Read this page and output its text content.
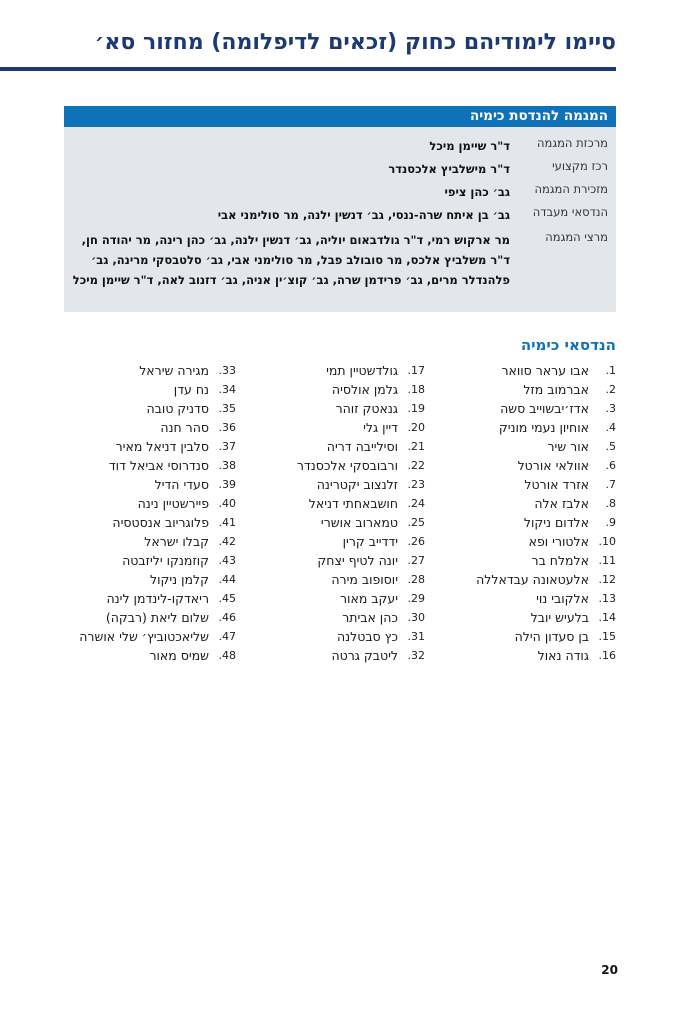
סיימו לימודיהם כחוק (זכאים לדיפלומה) מחזור סא׳
המגמה להנדסת כימיה
מרכזת המגמה
ד"ר שיימן מיכל
רכז מקצועי
ד"ר מישלביץ אלכסנדר
מזכירת המגמה
גב׳ כהן ציפי
הנדסאי מעבדה
גב׳ בן איתח שרה-ננסי, גב׳ דנשין ילנה, מר סולימני אבי
מרצי המגמה
מר ארקוש רמי, ד"ר גולדבאום יוליה, גב׳ דנשין ילנה, גב׳ כהן רינה, מר יהודה חן, ד"ר משלביץ אלכס, מר סובולב פבל, מר סולימני אבי, גב׳ סלטבסקי מרינה, גב׳ פלהנדלר מרים, גב׳ פרידמן שרה, גב׳ קוצ׳ין אניה, גב׳ דזנוב לאה, ד"ר שיימן מיכל
הנדסאי כימיה
1.
אבו עראר סוואר
2.
אברמוב מזל
3.
אדז׳יבשוייב סשה
4.
אוחיון נעמי מוניק
5.
אור שיר
6.
אוולאי אורטל
7.
אזרד אורטל
8.
אלבז אלה
9.
אלדום ניקול
10.
אלטורי ופא
11.
אלמלח בר
12.
אלעטאונה עבדאללה
13.
אלקובי נוי
14.
בלעיש יובל
15.
בן סעדון הילה
16.
גודה נאול
17.
גולדשטיין תמי
18.
גלמן אולסיה
19.
גנאטק זוהר
20.
דיין גלי
21.
וסילייבה דריה
22.
ורבובסקי אלכסנדר
23.
זלנצוב יקטרינה
24.
חושבאחתי דניאל
25.
טמארוב אושרי
26.
ידדייב קרין
27.
יונה לטיף יצחק
28.
יוסופוב מירה
29.
יעקב מאור
30.
כהן אביתר
31.
כץ סבטלנה
32.
ליטבק גרטה
33.
מגירה שיראל
34.
נח עדן
35.
סדניק טובה
36.
סהר חנה
37.
סלבין דניאל מאיר
38.
סנדרוסי אביאל דוד
39.
סעדי הדיל
40.
פיירשטיין נינה
41.
פלוגריוב אנסטסיה
42.
קבלו ישראל
43.
קוזמנקו יליזבטה
44.
קלמן ניקול
45.
ריאדקו-לינדמן לינה
46.
שלום ליאת (רבקה)
47.
שליאכטוביץ׳ שלי אושרה
48.
שמיס מאור
20
